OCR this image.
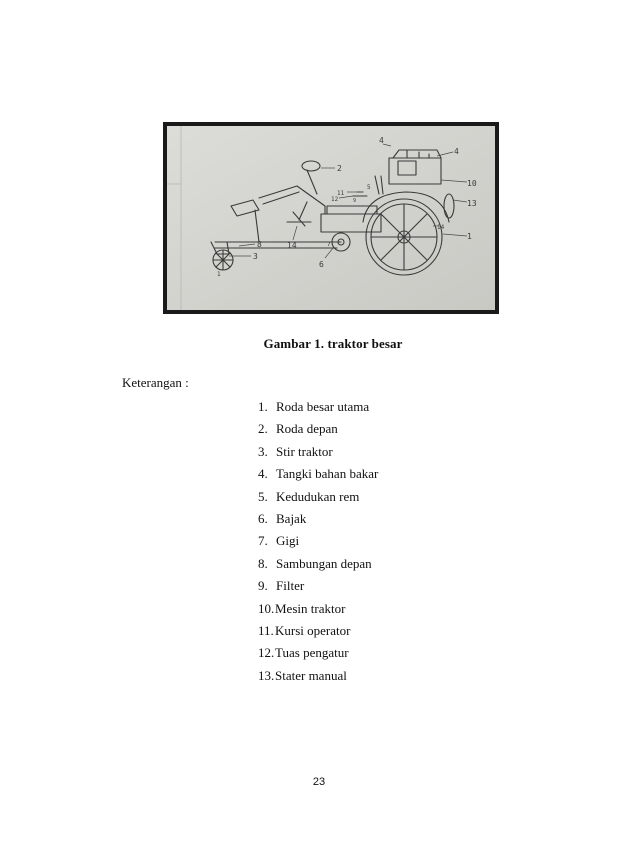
2
4
4
10
13
1
14
3
8
6
11
12
14	7
5
9
1
Gambar 1. traktor besar
Keterangan :
1. Roda besar utama
2. Roda depan
3. Stir traktor
4. Tangki bahan bakar
5. Kedudukan rem
6. Bajak
7. Gigi
8. Sambungan depan
9. Filter
10.Mesin traktor
11.Kursi operator
12.Tuas pengatur
13.Stater manual
23
